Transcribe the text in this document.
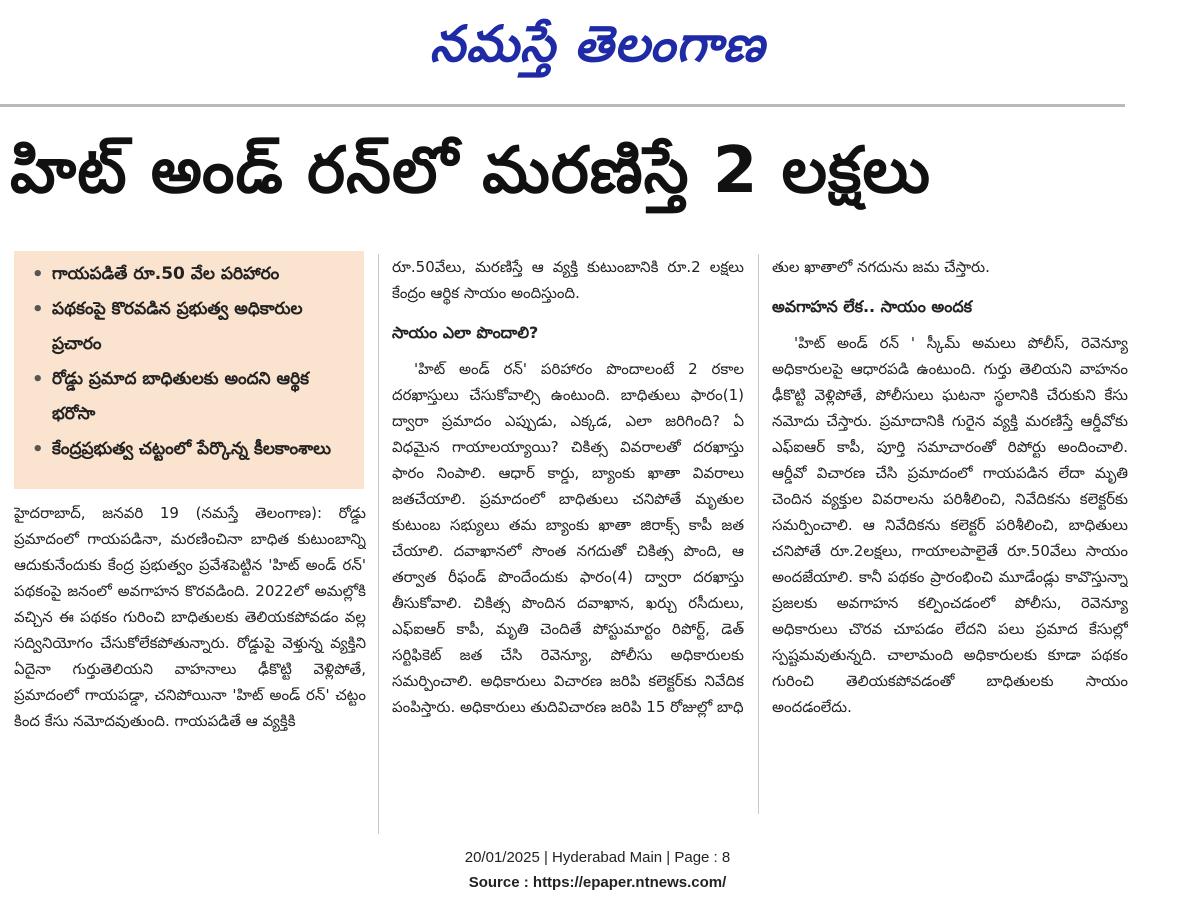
నమస్తే తెలంగాణ
హిట్ అండ్ రన్‌లో మరణిస్తే 2 లక్షలు
• గాయపడితే రూ.50 వేల పరిహారం
• పథకంపై కొరవడిన ప్రభుత్వ అధికారుల ప్రచారం
• రోడ్డు ప్రమాద బాధితులకు అందని ఆర్థిక భరోసా
• కేంద్రప్రభుత్వ చట్టంలో పేర్కొన్న కీలకాంశాలు

హైదరాబాద్, జనవరి 19 (నమస్తే తెలంగాణ): రోడ్డు ప్రమాదంలో గాయపడినా, మరణించినా బాధిత కుటుంబాన్ని ఆదుకునేందుకు కేంద్ర ప్రభుత్వం ప్రవేశపెట్టిన 'హిట్ అండ్ రన్' పథకంపై జనంలో అవగాహన కొరవడింది. 2022లో అమల్లోకి వచ్చిన ఈ పథకం గురించి బాధితులకు తెలియకపోవడం వల్ల సద్వినియోగం చేసుకోలేకపోతున్నారు. రోడ్డుపై వెళ్తున్న వ్యక్తిని ఏదైనా గుర్తుతెలియని వాహనాలు ఢీకొట్టి వెళ్లిపోతే, ప్రమాదంలో గాయపడ్డా, చనిపోయినా 'హిట్ అండ్ రన్' చట్టం కింద కేసు నమోదవుతుంది. గాయపడితే ఆ వ్యక్తికి

రూ.50వేలు, మరణిస్తే ఆ వ్యక్తి కుటుంబానికి రూ.2 లక్షలు కేంద్రం ఆర్థిక సాయం అందిస్తుంది.

సాయం ఎలా పొందాలి?

'హిట్ అండ్ రన్' పరిహారం పొందాలంటే 2 రకాల దరఖాస్తులు చేసుకోవాల్సి ఉంటుంది. బాధితులు ఫారం(1) ద్వారా ప్రమాదం ఎప్పుడు, ఎక్కడ, ఎలా జరిగింది? ఏ విధమైన గాయాలయ్యాయి? చికిత్స వివరాలతో దరఖాస్తు ఫారం నింపాలి. ఆధార్ కార్డు, బ్యాంకు ఖాతా వివరాలు జతచేయాలి. ప్రమాదంలో బాధితులు చనిపోతే మృతుల కుటుంబ సభ్యులు తమ బ్యాంకు ఖాతా జిరాక్స్ కాపీ జత చేయాలి. దవాఖానలో సొంత నగదుతో చికిత్స పొంది, ఆ తర్వాత రీఫండ్ పొందేందుకు ఫారం(4) ద్వారా దరఖాస్తు తీసుకోవాలి. చికిత్స పొందిన దవాఖాన, ఖర్చు రసీదులు, ఎఫ్ఐఆర్ కాపీ, మృతి చెందితే పోస్టుమార్టం రిపోర్ట్, డెత్ సర్టిఫికెట్ జత చేసి రెవెన్యూ, పోలీసు అధికారులకు సమర్పించాలి. అధికారులు విచారణ జరిపి కలెక్టర్‌కు నివేదిక పంపిస్తారు. అధికారులు తుదివిచారణ జరిపి 15 రోజుల్లో బాధి

తుల ఖాతాలో నగదును జమ చేస్తారు.

అవగాహన లేక.. సాయం అందక

'హిట్ అండ్ రన్ ' స్కీమ్ అమలు పోలీస్, రెవెన్యూ అధికారులపై ఆధారపడి ఉంటుంది. గుర్తు తెలియని వాహనం ఢీకొట్టి వెళ్లిపోతే, పోలీసులు ఘటనా స్థలానికి చేరుకుని కేసు నమోదు చేస్తారు. ప్రమాదానికి గురైన వ్యక్తి మరణిస్తే ఆర్డీవోకు ఎఫ్ఐఆర్ కాపీ, పూర్తి సమాచారంతో రిపోర్టు అందించాలి. ఆర్డీవో విచారణ చేసి ప్రమాదంలో గాయపడిన లేదా మృతి చెందిన వ్యక్తుల వివరాలను పరిశీలించి, నివేదికను కలెక్టర్‌కు సమర్పించాలి. ఆ నివేదికను కలెక్టర్ పరిశీలించి, బాధితులు చనిపోతే రూ.2లక్షలు, గాయాలపాలైతే రూ.50వేలు సాయం అందజేయాలి. కానీ పథకం ప్రారంభించి మూడేండ్లు కావొస్తున్నా ప్రజలకు అవగాహన కల్పించడంలో పోలీసు, రెవెన్యూ అధికారులు చొరవ చూపడం లేదని పలు ప్రమాద కేసుల్లో స్పష్టమవుతున్నది. చాలామంది అధికారులకు కూడా పథకం గురించి తెలియకపోవడంతో బాధితులకు సాయం అందడంలేదు.

20/01/2025 | Hyderabad Main | Page : 8
Source : https://epaper.ntnews.com/
